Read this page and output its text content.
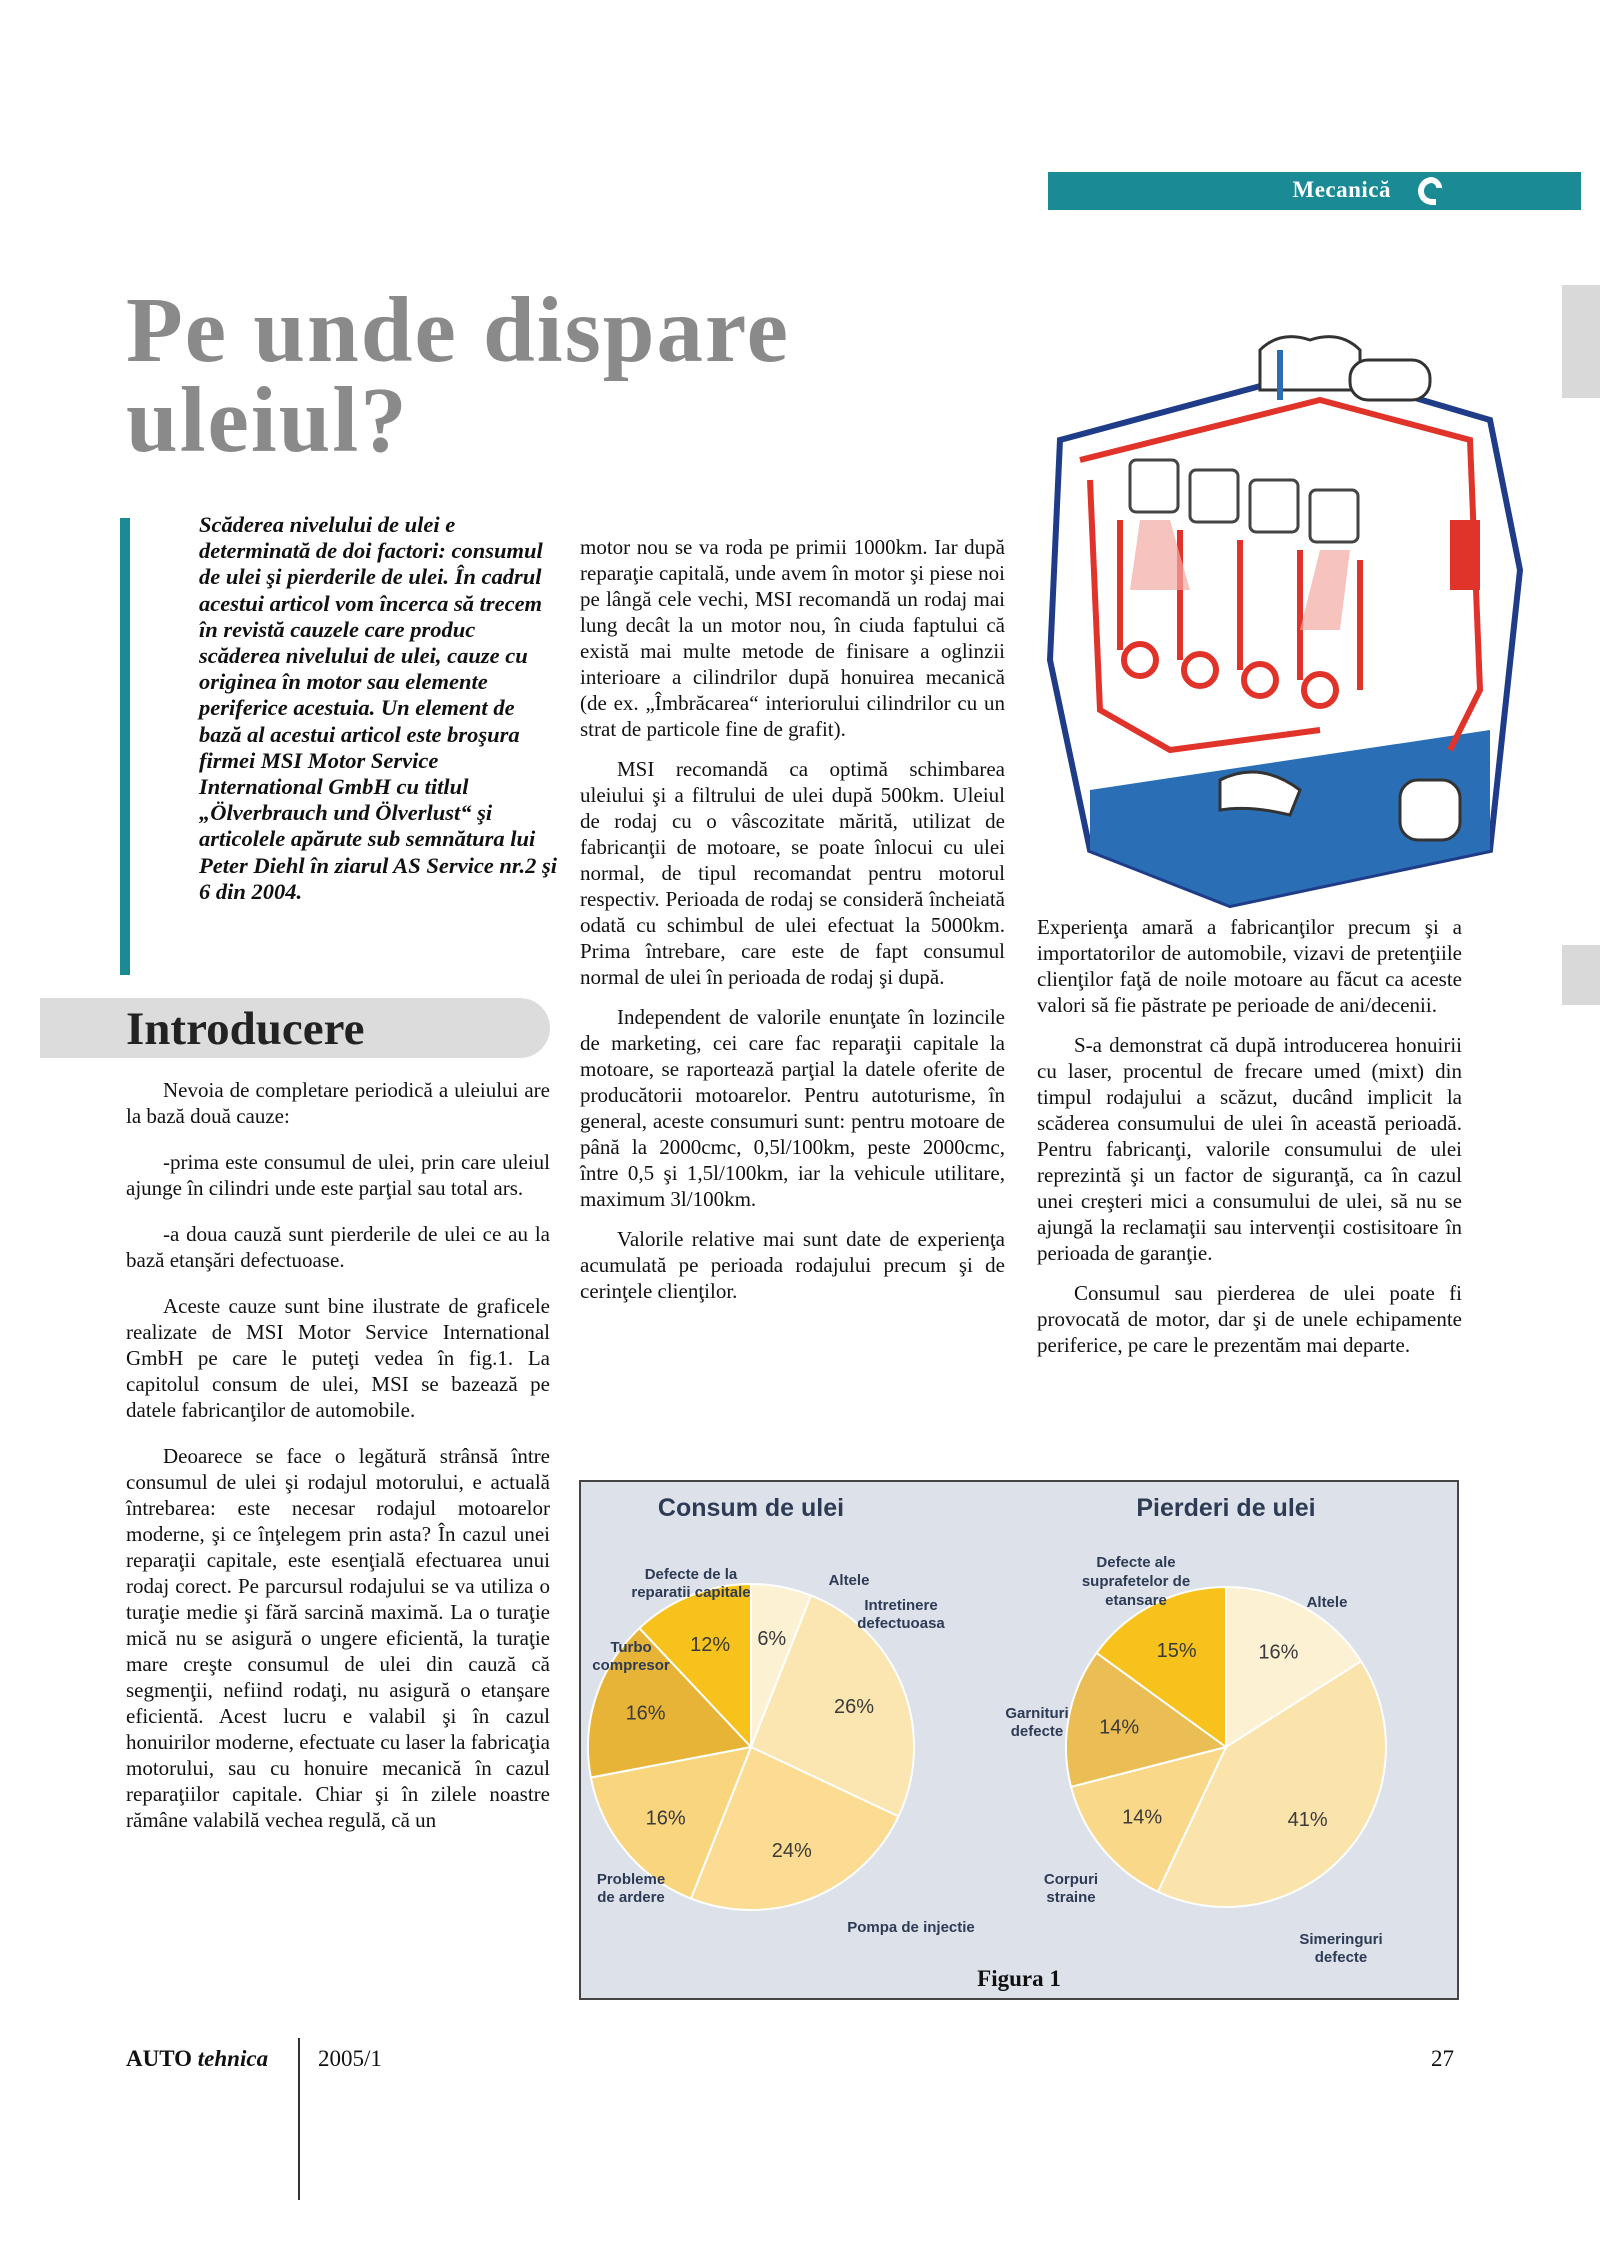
Mecanică
Pe unde dispare uleiul?

Scăderea nivelului de ulei e determinată de doi factori: consumul de ulei şi pierderile de ulei. În cadrul acestui articol vom încerca să trecem în revistă cauzele care produc scăderea nivelului de ulei, cauze cu originea în motor sau elemente periferice acestuia. Un element de bază al acestui articol este broşura firmei MSI Motor Service International GmbH cu titlul „Ölverbrauch und Ölverlust“ şi articolele apărute sub semnătura lui Peter Diehl în ziarul AS Service nr.2 şi 6 din 2004.

Introducere

Nevoia de completare periodică a uleiului are la bază două cauze:

-prima este consumul de ulei, prin care uleiul ajunge în cilindri unde este parţial sau total ars.

-a doua cauză sunt pierderile de ulei ce au la bază etanşări defectuoase.

Aceste cauze sunt bine ilustrate de graficele realizate de MSI Motor Service International GmbH pe care le puteţi vedea în fig.1. La capitolul consum de ulei, MSI se bazează pe datele fabricanţilor de automobile.

Deoarece se face o legătură strânsă între consumul de ulei şi rodajul motorului, e actuală întrebarea: este necesar rodajul motoarelor moderne, şi ce înţelegem prin asta? În cazul unei reparaţii capitale, este esenţială efectuarea unui rodaj corect. Pe parcursul rodajului se va utiliza o turaţie medie şi fără sarcină maximă. La o turaţie mică nu se asigură o ungere eficientă, la turaţie mare creşte consumul de ulei din cauză că segmenţii, nefiind rodaţi, nu asigură o etanşare eficientă. Acest lucru e valabil şi în cazul honuirilor moderne, efectuate cu laser la fabricaţia motorului, sau cu honuire mecanică în cazul reparaţiilor capitale. Chiar şi în zilele noastre rămâne valabilă vechea regulă, că un

motor nou se va roda pe primii 1000km. Iar după reparaţie capitală, unde avem în motor şi piese noi pe lângă cele vechi, MSI recomandă un rodaj mai lung decât la un motor nou, în ciuda faptului că există mai multe metode de finisare a oglinzii interioare a cilindrilor după honuirea mecanică (de ex. „Îmbrăcarea“ interiorului cilindrilor cu un strat de particole fine de grafit).

MSI recomandă ca optimă schimbarea uleiului şi a filtrului de ulei după 500km. Uleiul de rodaj cu o vâscozitate mărită, utilizat de fabricanţii de motoare, se poate înlocui cu ulei normal, de tipul recomandat pentru motorul respectiv. Perioada de rodaj se consideră încheiată odată cu schimbul de ulei efectuat la 5000km. Prima întrebare, care este de fapt consumul normal de ulei în perioada de rodaj şi după.

Independent de valorile enunţate în lozincile de marketing, cei care fac reparaţii capitale la motoare, se raportează parţial la datele oferite de producătorii motoarelor. Pentru autoturisme, în general, aceste consumuri sunt: pentru motoare de până la 2000cmc, 0,5l/100km, peste 2000cmc, între 0,5 şi 1,5l/100km, iar la vehicule utilitare, maximum 3l/100km.

Valorile relative mai sunt date de experienţa acumulată pe perioada rodajului precum şi de cerinţele clienţilor.

Experienţa amară a fabricanţilor precum şi a importatorilor de automobile, vizavi de pretenţiile clienţilor faţă de noile motoare au făcut ca aceste valori să fie păstrate pe perioade de ani/decenii.

S-a demonstrat că după introducerea honuirii cu laser, procentul de frecare umed (mixt) din timpul rodajului a scăzut, ducând implicit la scăderea consumului de ulei în această perioadă. Pentru fabricanţi, valorile consumului de ulei reprezintă şi un factor de siguranţă, ca în cazul unei creşteri mici a consumului de ulei, să nu se ajungă la reclamaţii sau intervenţii costisitoare în perioada de garanţie.

Consumul sau pierderea de ulei poate fi provocată de motor, dar şi de unele echipamente periferice, pe care le prezentăm mai departe.

6%
26%
24%
16%
16%
12%	16%
41%
14%
14%
15%
Consum de ulei	Pierderi de ulei
Altele
Intretinere defectuoasa
Pompa de injectie
Probleme de ardere
Turbo compresor
Defecte de la reparatii capitale
Altele
Simeringuri defecte
Corpuri straine
Garnituri defecte
Defecte ale suprafetelor de etansare
Figura 1
AUTO tehnica 2005/1	27
